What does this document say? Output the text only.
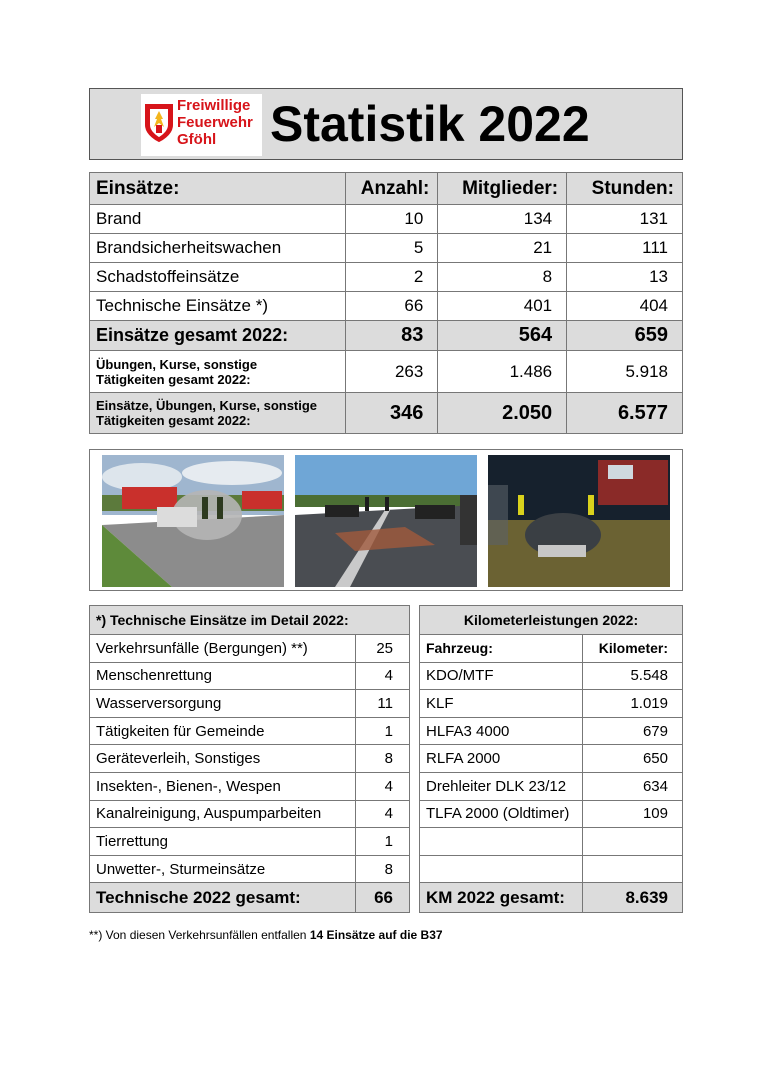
Freiwillige
Feuerwehr
Gföhl	Statistik 2022
Einsätze:	Anzahl:	Mitglieder:	Stunden:
Brand	10	134	131
Brandsicherheitswachen	5	21	111
Schadstoffeinsätze	2	8	13
Technische Einsätze *)	66	401	404
Einsätze gesamt 2022:	83	564	659

Übungen, Kurse, sonstige
Tätigkeiten gesamt 2022:	263	1.486	5.918

Einsätze, Übungen, Kurse, sonstige
Tätigkeiten gesamt 2022:	346	2.050	6.577
*) Technische Einsätze im Detail 2022:	
Verkehrsunfälle (Bergungen) **)	25
Menschenrettung	4
Wasserversorgung	11
Tätigkeiten für Gemeinde	1
Geräteverleih, Sonstiges	8
Insekten-, Bienen-, Wespen	4
Kanalreinigung, Auspumparbeiten	4
Tierrettung	1
Unwetter-, Sturmeinsätze	8
Technische 2022 gesamt:	66
Kilometerleistungen 2022:	
Fahrzeug:	Kilometer:
KDO/MTF	5.548
KLF	1.019
HLFA3 4000	679
RLFA 2000	650
Drehleiter DLK 23/12	634
TLFA 2000 (Oldtimer)	109

KM 2022 gesamt:	8.639
**) Von diesen Verkehrsunfällen entfallen 14 Einsätze auf die B37
